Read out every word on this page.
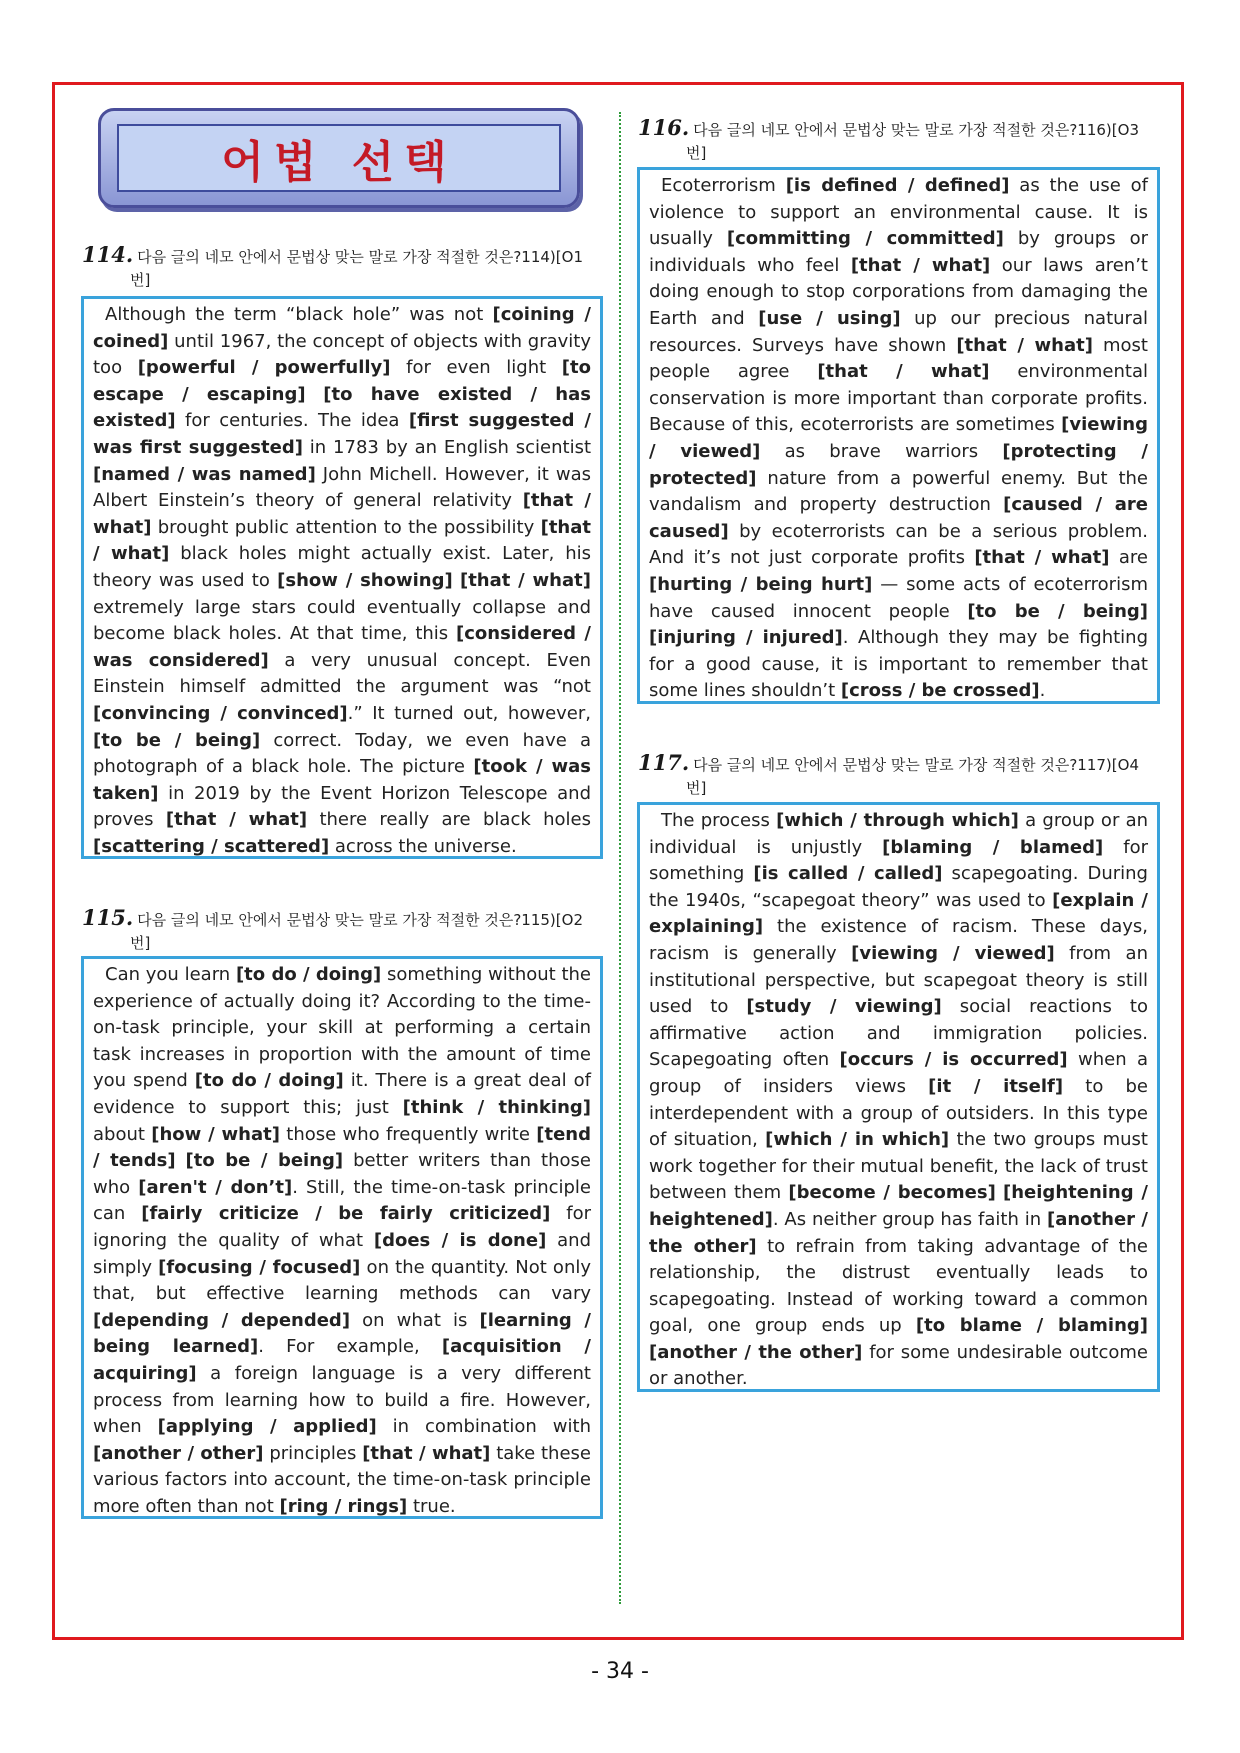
어법 선택
114. 다음 글의 네모 안에서 문법상 맞는 말로 가장 적절한 것은?114)[O1
번]

Although the term “black hole” was not [coining / coined] until 1967, the concept of objects with gravity too [powerful / powerfully] for even light [to escape / escaping] [to have existed / has existed] for centuries. The idea [first suggested / was first suggested] in 1783 by an English scientist [named / was named] John Michell. However, it was Albert Einstein’s theory of general relativity [that / what] brought public attention to the possibility [that / what] black holes might actually exist. Later, his theory was used to [show / showing] [that / what] extremely large stars could eventually collapse and become black holes. At that time, this [considered / was considered] a very unusual concept. Even Einstein himself admitted the argument was “not [convincing / convinced].” It turned out, however, [to be / being] correct. Today, we even have a photograph of a black hole. The picture [took / was taken] in 2019 by the Event Horizon Telescope and proves [that / what] there really are black holes [scattering / scattered] across the universe.

115. 다음 글의 네모 안에서 문법상 맞는 말로 가장 적절한 것은?115)[O2
번]

Can you learn [to do / doing] something without the experience of actually doing it? According to the time-on-task principle, your skill at performing a certain task increases in proportion with the amount of time you spend [to do / doing] it. There is a great deal of evidence to support this; just [think / thinking] about [how / what] those who frequently write [tend / tends] [to be / being] better writers than those who [aren't / don’t]. Still, the time-on-task principle can [fairly criticize / be fairly criticized] for ignoring the quality of what [does / is done] and simply [focusing / focused] on the quantity. Not only that, but effective learning methods can vary [depending / depended] on what is [learning / being learned]. For example, [acquisition / acquiring] a foreign language is a very different process from learning how to build a fire. However, when [applying / applied] in combination with [another / other] principles [that / what] take these various factors into account, the time-on-task principle more often than not [ring / rings] true.

116. 다음 글의 네모 안에서 문법상 맞는 말로 가장 적절한 것은?116)[O3
번]

Ecoterrorism [is defined / defined] as the use of violence to support an environmental cause. It is usually [committing / committed] by groups or individuals who feel [that / what] our laws aren’t doing enough to stop corporations from damaging the Earth and [use / using] up our precious natural resources. Surveys have shown [that / what] most people agree [that / what] environmental conservation is more important than corporate profits. Because of this, ecoterrorists are sometimes [viewing / viewed] as brave warriors [protecting / protected] nature from a powerful enemy. But the vandalism and property destruction [caused / are caused] by ecoterrorists can be a serious problem. And it’s not just corporate profits [that / what] are [hurting / being hurt] — some acts of ecoterrorism have caused innocent people [to be / being] [injuring / injured]. Although they may be fighting for a good cause, it is important to remember that some lines shouldn’t [cross / be crossed].

117. 다음 글의 네모 안에서 문법상 맞는 말로 가장 적절한 것은?117)[O4
번]

The process [which / through which] a group or an individual is unjustly [blaming / blamed] for something [is called / called] scapegoating. During the 1940s, “scapegoat theory” was used to [explain / explaining] the existence of racism. These days, racism is generally [viewing / viewed] from an institutional perspective, but scapegoat theory is still used to [study / viewing] social reactions to affirmative action and immigration policies. Scapegoating often [occurs / is occurred] when a group of insiders views [it / itself] to be interdependent with a group of outsiders. In this type of situation, [which / in which] the two groups must work together for their mutual benefit, the lack of trust between them [become / becomes] [heightening / heightened]. As neither group has faith in [another / the other] to refrain from taking advantage of the relationship, the distrust eventually leads to scapegoating. Instead of working toward a common goal, one group ends up [to blame / blaming] [another / the other] for some undesirable outcome or another.

- 34 -
